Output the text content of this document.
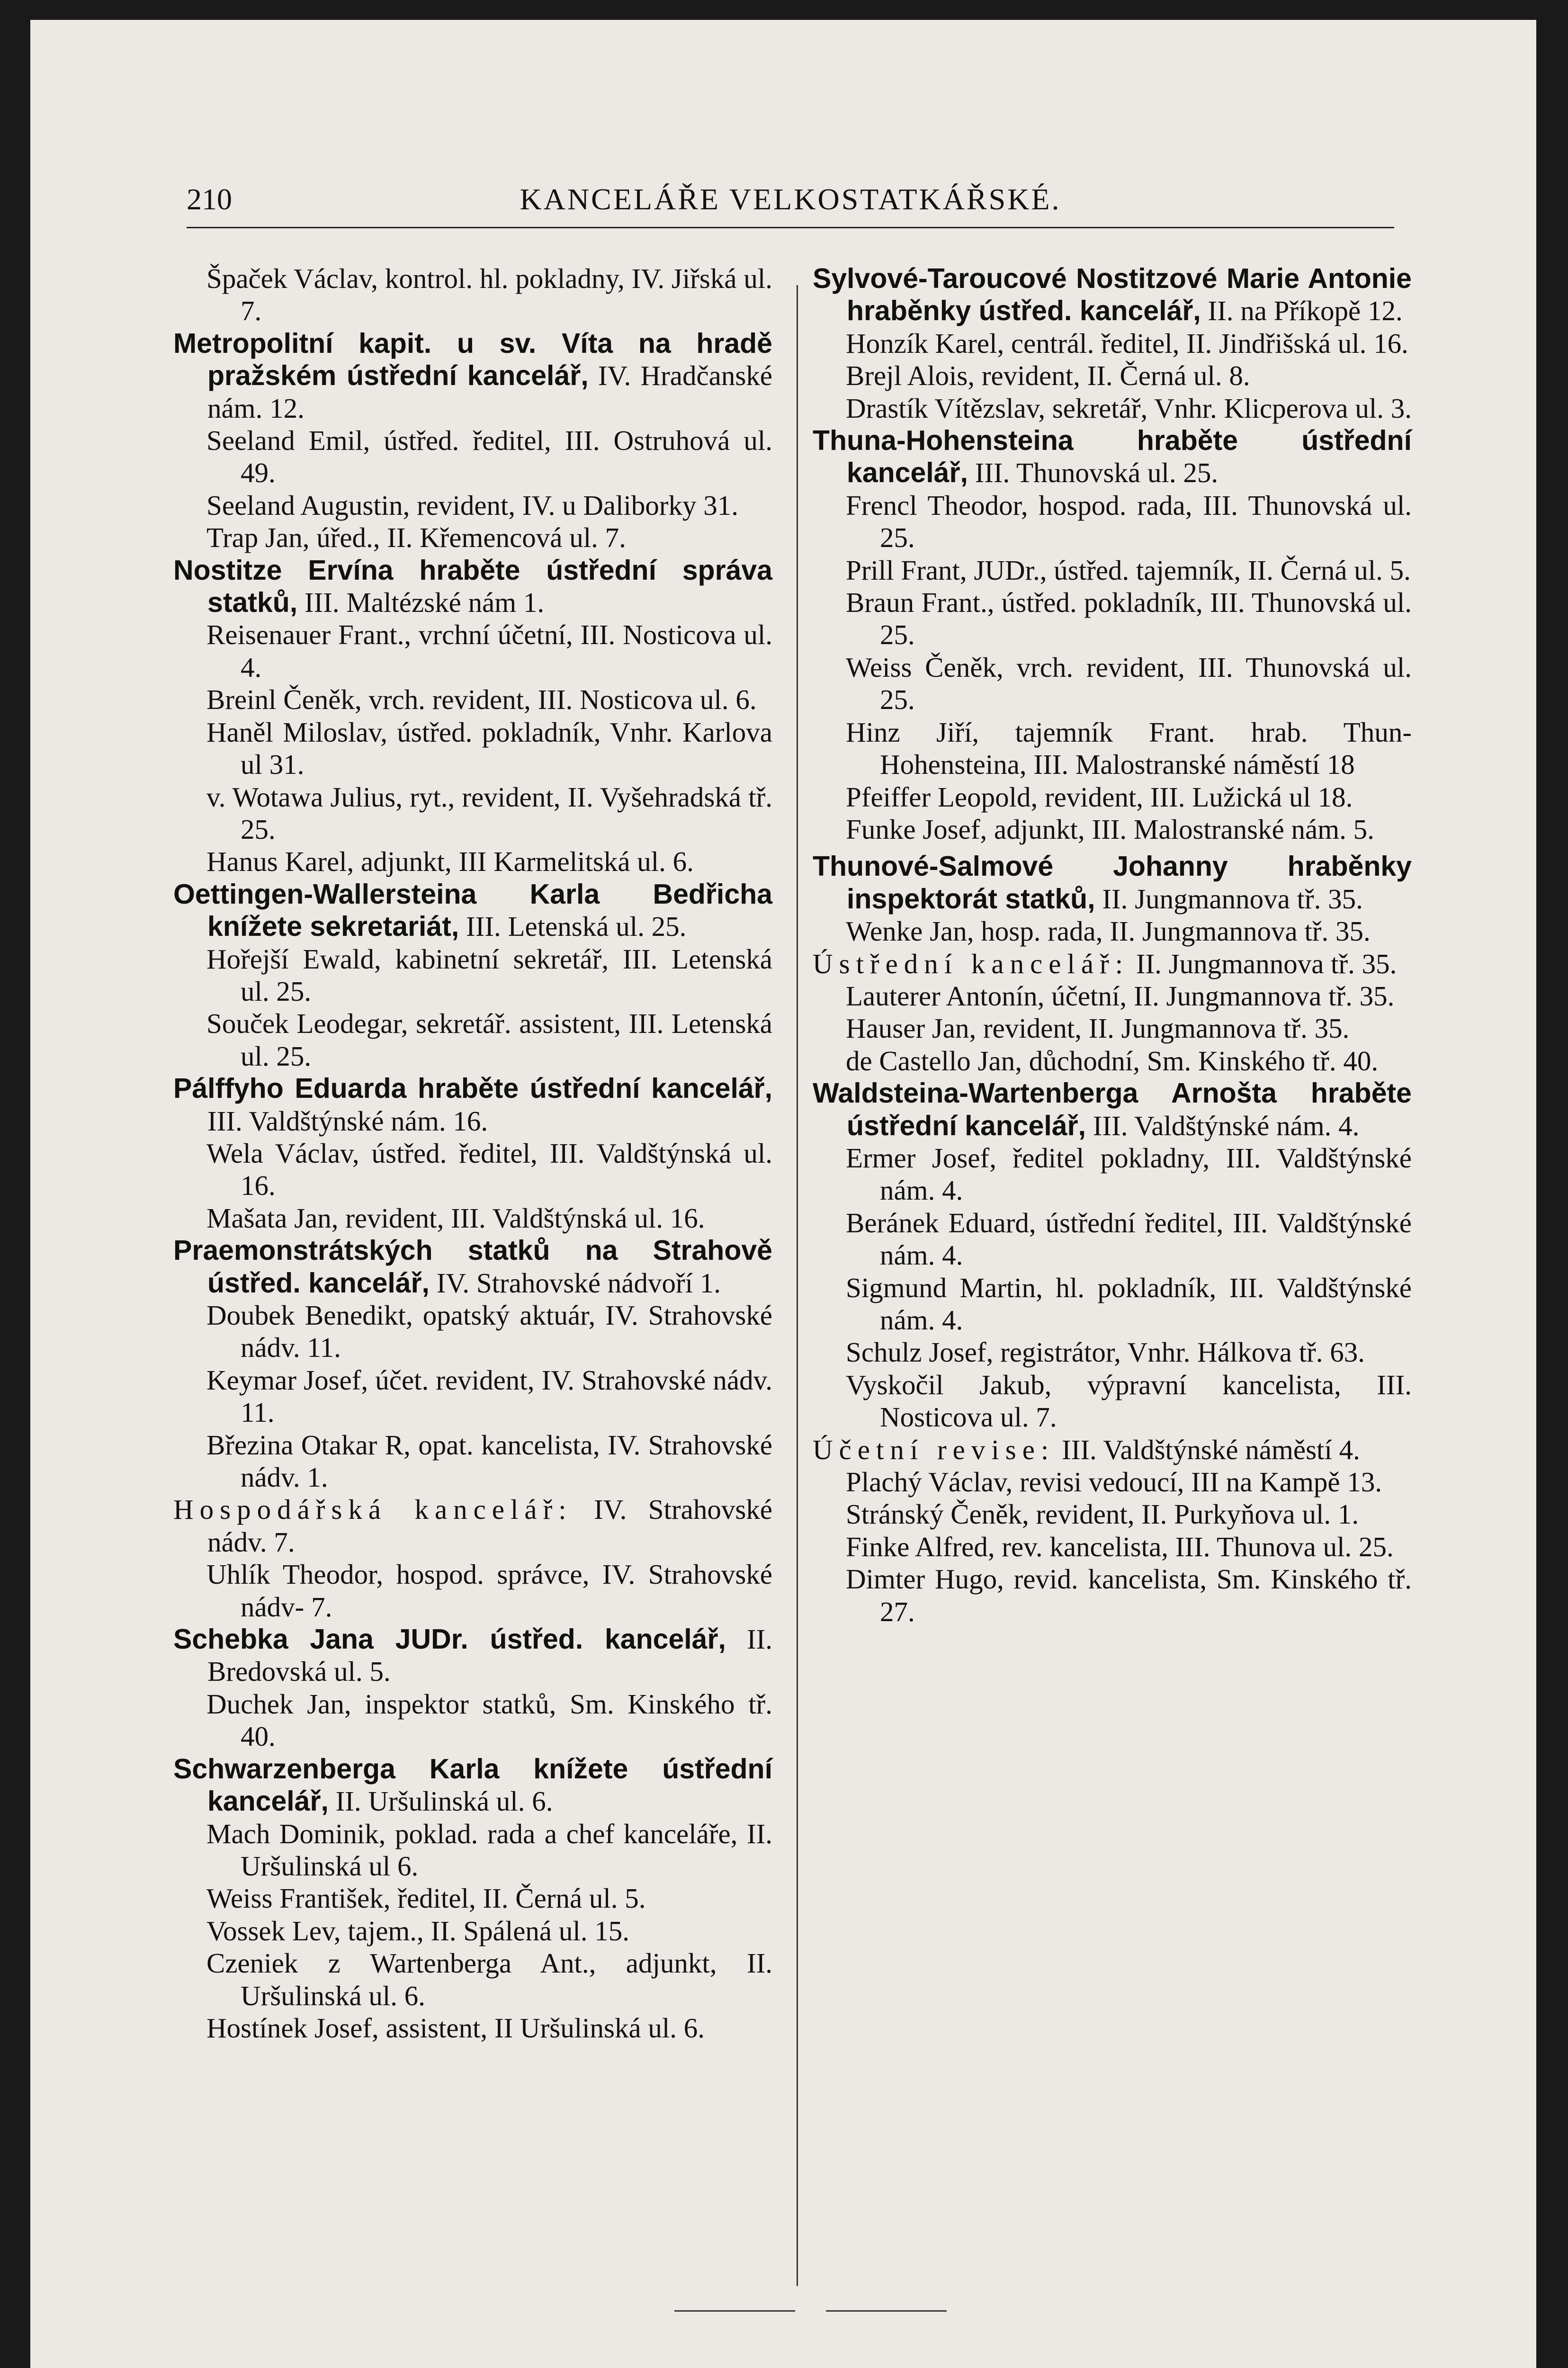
210	KANCELÁŘE VELKOSTATKÁŘSKÉ.
Špaček Václav, kontrol. hl. pokladny, IV. Jiřská ul. 7.
Metropolitní kapit. u sv. Víta na hradě pražském ústřední kancelář, IV. Hradčanské nám. 12.
Seeland Emil, ústřed. ředitel, III. Ostruhová ul. 49.
Seeland Augustin, revident, IV. u Daliborky 31.
Trap Jan, úřed., II. Křemencová ul. 7.
Nostitze Ervína hraběte ústřední správa statků, III. Maltézské nám 1.
Reisenauer Frant., vrchní účetní, III. Nosticova ul. 4.
Breinl Čeněk, vrch. revident, III. Nosticova ul. 6.
Haněl Miloslav, ústřed. pokladník, Vnhr. Karlova ul 31.
v. Wotawa Julius, ryt., revident, II. Vyšehradská tř. 25.
Hanus Karel, adjunkt, III Karmelitská ul. 6.
Oettingen-Wallersteina Karla Bedřicha knížete sekretariát, III. Letenská ul. 25.
Hořejší Ewald, kabinetní sekretář, III. Letenská ul. 25.
Souček Leodegar, sekretář. assistent, III. Letenská ul. 25.
Pálffyho Eduarda hraběte ústřední kancelář, III. Valdštýnské nám. 16.
Wela Václav, ústřed. ředitel, III. Valdštýnská ul. 16.
Mašata Jan, revident, III. Valdštýnská ul. 16.
Praemonstrátských statků na Strahově ústřed. kancelář, IV. Strahovské nádvoří 1.
Doubek Benedikt, opatský aktuár, IV. Strahovské nádv. 11.
Keymar Josef, účet. revident, IV. Strahovské nádv. 11.
Březina Otakar R, opat. kancelista, IV. Strahovské nádv. 1.
Hospodářská kancelář: IV. Strahovské nádv. 7.
Uhlík Theodor, hospod. správce, IV. Strahovské nádv- 7.
Schebka Jana JUDr. ústřed. kancelář, II. Bredovská ul. 5.
Duchek Jan, inspektor statků, Sm. Kinského tř. 40.
Schwarzenberga Karla knížete ústřední kancelář, II. Uršulinská ul. 6.
Mach Dominik, poklad. rada a chef kanceláře, II. Uršulinská ul 6.
Weiss František, ředitel, II. Černá ul. 5.
Vossek Lev, tajem., II. Spálená ul. 15.
Czeniek z Wartenberga Ant., adjunkt, II. Uršulinská ul. 6.
Hostínek Josef, assistent, II Uršulinská ul. 6.
Sylvové-Taroucové Nostitzové Marie Antonie hraběnky ústřed. kancelář, II. na Příkopě 12.
Honzík Karel, centrál. ředitel, II. Jindřišská ul. 16.
Brejl Alois, revident, II. Černá ul. 8.
Drastík Vítězslav, sekretář, Vnhr. Klicperova ul. 3.
Thuna-Hohensteina hraběte ústřední kancelář, III. Thunovská ul. 25.
Frencl Theodor, hospod. rada, III. Thunovská ul. 25.
Prill Frant, JUDr., ústřed. tajemník, II. Černá ul. 5.
Braun Frant., ústřed. pokladník, III. Thunovská ul. 25.
Weiss Čeněk, vrch. revident, III. Thunovská ul. 25.
Hinz Jiří, tajemník Frant. hrab. Thun-Hohensteina, III. Malostranské náměstí 18
Pfeiffer Leopold, revident, III. Lužická ul 18.
Funke Josef, adjunkt, III. Malostranské nám. 5.
Thunové-Salmové Johanny hraběnky inspektorát statků, II. Jungmannova tř. 35.
Wenke Jan, hosp. rada, II. Jungmannova tř. 35.
Ústřední kancelář: II. Jungmannova tř. 35.
Lauterer Antonín, účetní, II. Jungmannova tř. 35.
Hauser Jan, revident, II. Jungmannova tř. 35.
de Castello Jan, důchodní, Sm. Kinského tř. 40.
Waldsteina-Wartenberga Arnošta hraběte ústřední kancelář, III. Valdštýnské nám. 4.
Ermer Josef, ředitel pokladny, III. Valdštýnské nám. 4.
Beránek Eduard, ústřední ředitel, III. Valdštýnské nám. 4.
Sigmund Martin, hl. pokladník, III. Valdštýnské nám. 4.
Schulz Josef, registrátor, Vnhr. Hálkova tř. 63.
Vyskočil Jakub, výpravní kancelista, III. Nosticova ul. 7.
Účetní revise: III. Valdštýnské náměstí 4.
Plachý Václav, revisi vedoucí, III na Kampě 13.
Stránský Čeněk, revident, II. Purkyňova ul. 1.
Finke Alfred, rev. kancelista, III. Thunova ul. 25.
Dimter Hugo, revid. kancelista, Sm. Kinského tř. 27.
